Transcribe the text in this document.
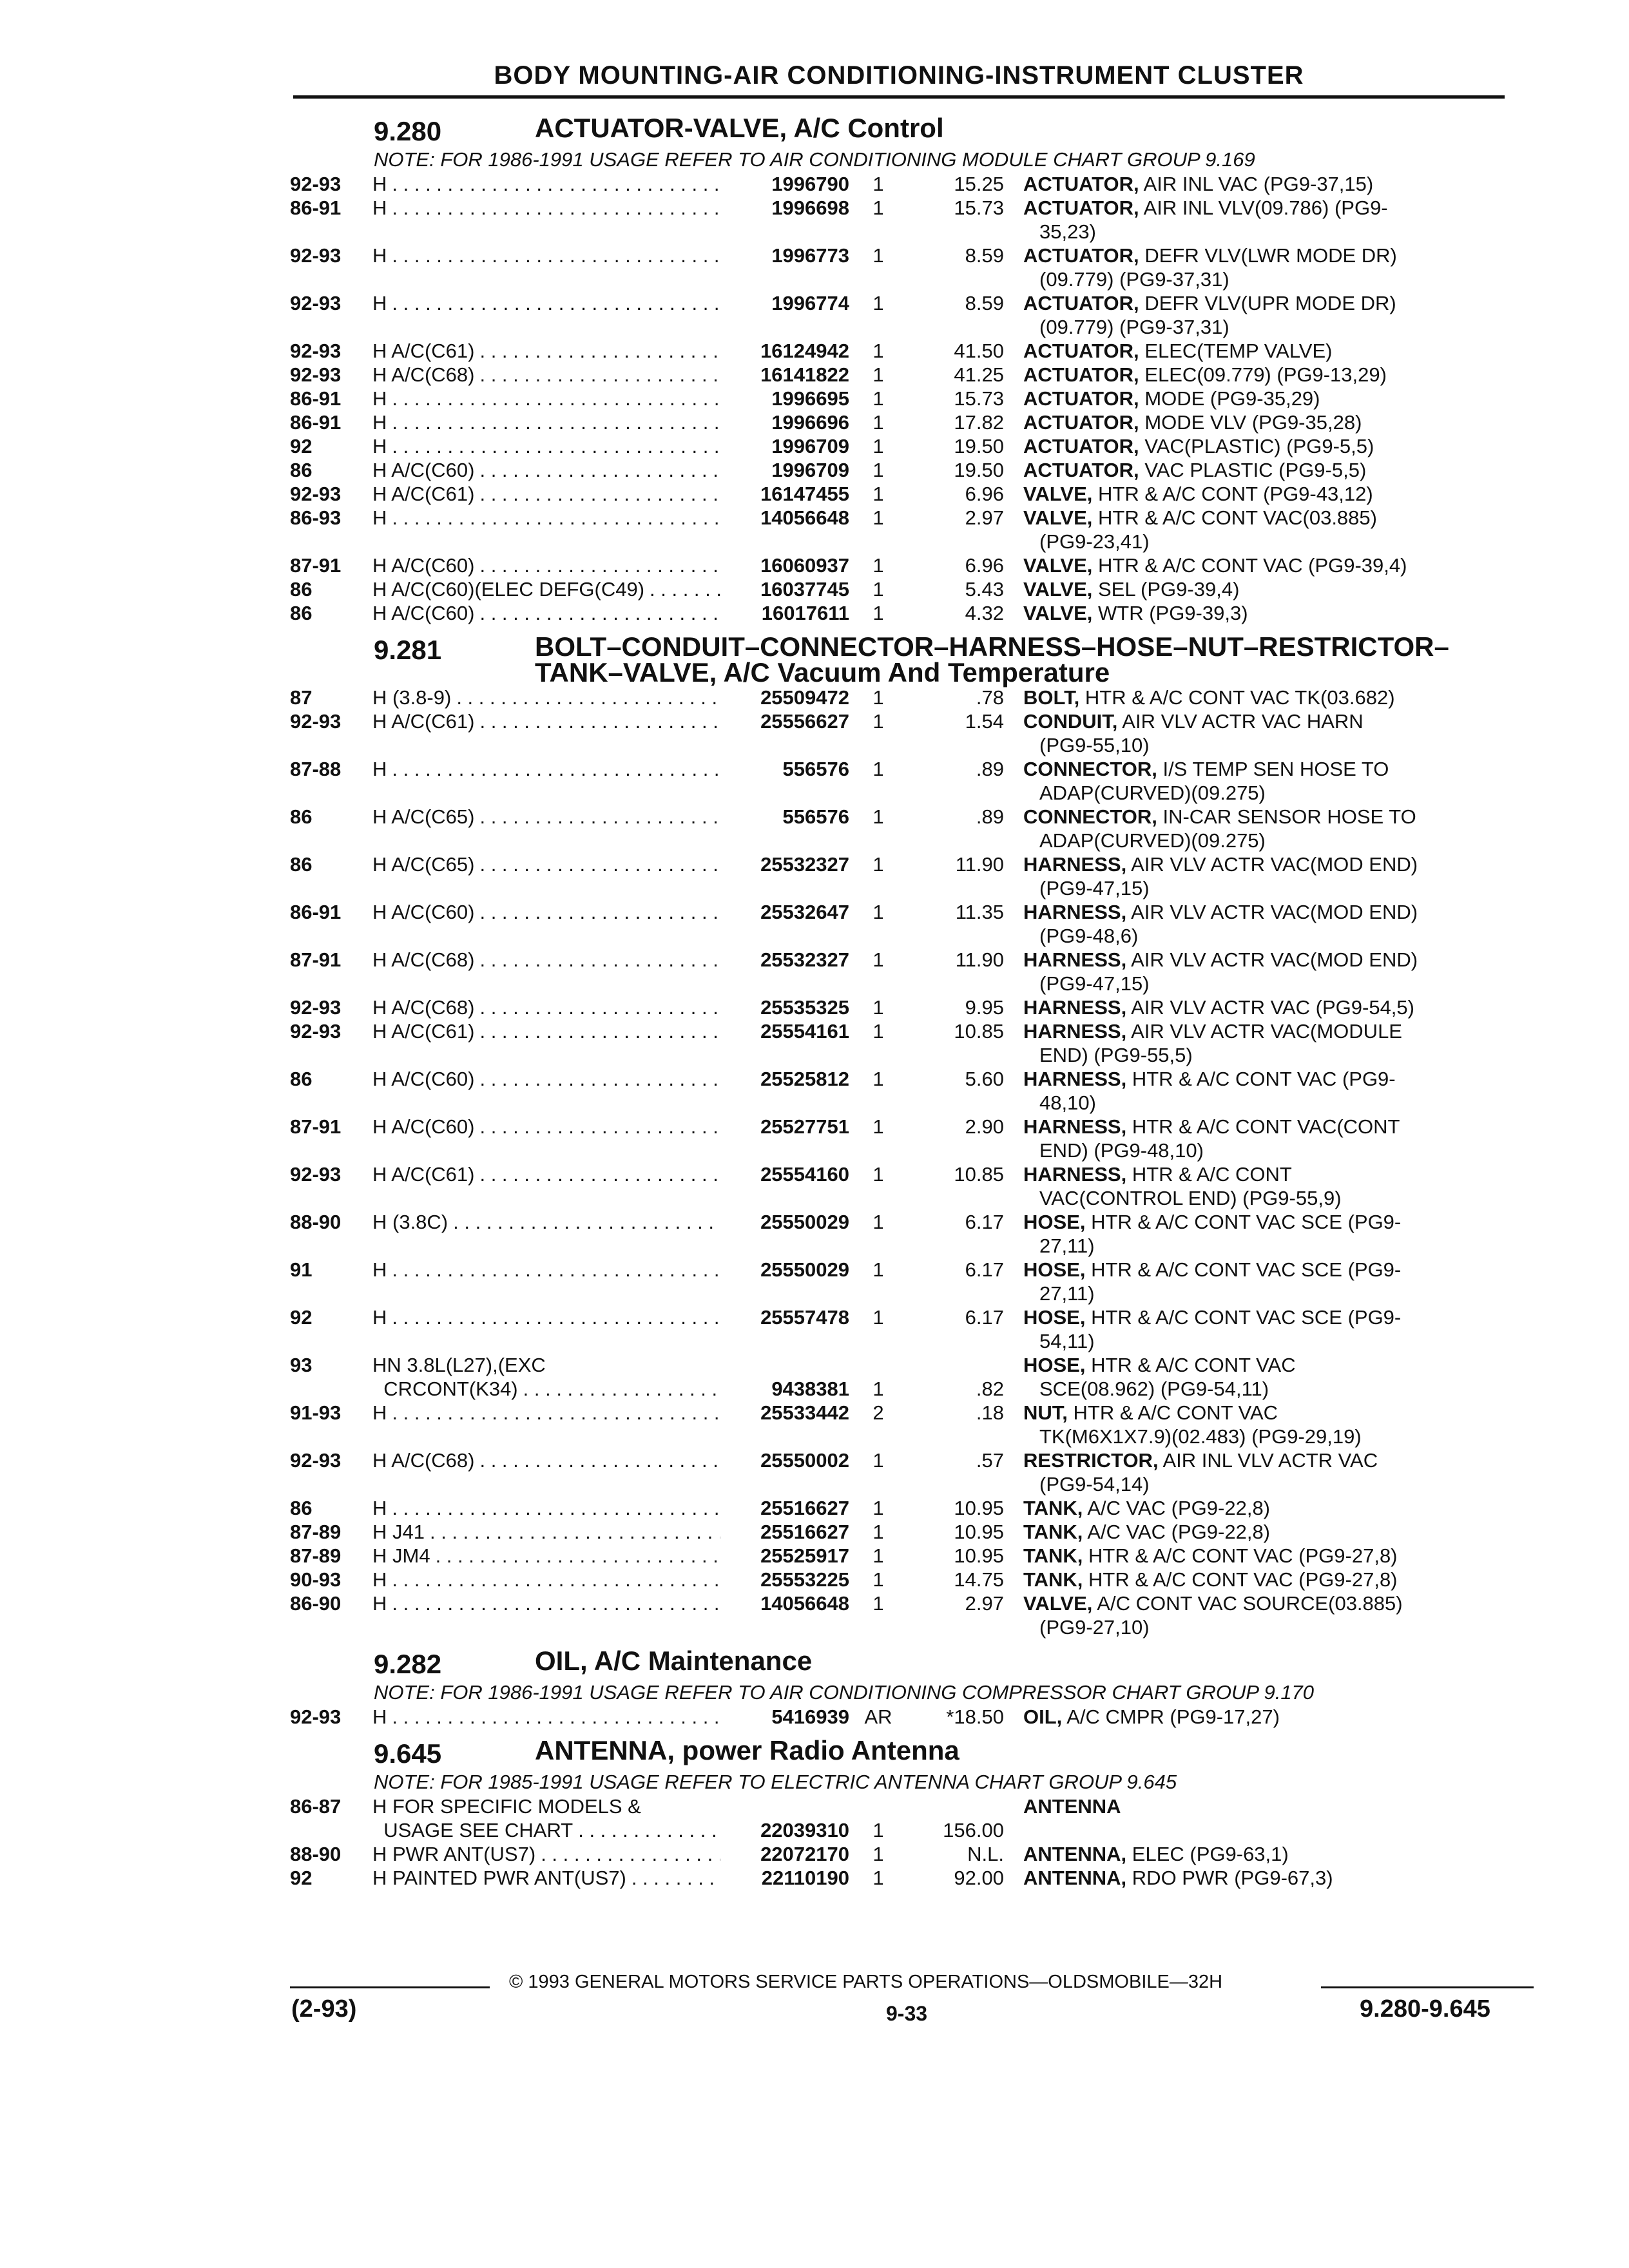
BODY MOUNTING-AIR CONDITIONING-INSTRUMENT CLUSTER
9.280	ACTUATOR-VALVE, A/C Control
NOTE: FOR 1986-1991 USAGE REFER TO AIR CONDITIONING MODULE CHART GROUP 9.169
92-93	H . . .	1996790	1	15.25 ACTUATOR, AIR INL VAC (PG9-37,15)
86-91	H . . .	1996698	1	15.73 ACTUATOR, AIR INL VLV(09.786) (PG9-
35,23)
92-93	H . . .	1996773	1	8.59 ACTUATOR, DEFR VLV(LWR MODE DR)
(09.779) (PG9-37,31)
92-93	H . . .	1996774	1	8.59 ACTUATOR, DEFR VLV(UPR MODE DR)
(09.779) (PG9-37,31)
92-93	H A/C(C61) . . .	16124942	1	41.50 ACTUATOR, ELEC(TEMP VALVE)
92-93	H A/C(C68) . . .	16141822	1	41.25 ACTUATOR, ELEC(09.779) (PG9-13,29)
86-91	H . . .	1996695	1	15.73 ACTUATOR, MODE (PG9-35,29)
86-91	H . . .	1996696	1	17.82 ACTUATOR, MODE VLV (PG9-35,28)
92	H . . .	1996709	1	19.50 ACTUATOR, VAC(PLASTIC) (PG9-5,5)
86	H A/C(C60) . . .	1996709	1	19.50 ACTUATOR, VAC PLASTIC (PG9-5,5)
92-93	H A/C(C61) . . .	16147455	1	6.96 VALVE, HTR & A/C CONT (PG9-43,12)
86-93	H . . .	14056648	1	2.97 VALVE, HTR & A/C CONT VAC(03.885)
(PG9-23,41)
87-91	H A/C(C60) . . .	16060937	1	6.96 VALVE, HTR & A/C CONT VAC (PG9-39,4)
86	H A/C(C60)(ELEC DEFG(C49) . . .	16037745	1	5.43 VALVE, SEL (PG9-39,4)
86	H A/C(C60) . . .	16017611	1	4.32 VALVE, WTR (PG9-39,3)
9.281	BOLT–CONDUIT–CONNECTOR–HARNESS–HOSE–NUT–RESTRICTOR–TANK–VALVE, A/C Vacuum And Temperature
87	H (3.8-9) . . .	25509472	1	.78 BOLT, HTR & A/C CONT VAC TK(03.682)
92-93	H A/C(C61) . . .	25556627	1	1.54 CONDUIT, AIR VLV ACTR VAC HARN
(PG9-55,10)
87-88	H . . .	556576	1	.89 CONNECTOR, I/S TEMP SEN HOSE TO
ADAP(CURVED)(09.275)
86	H A/C(C65) . . .	556576	1	.89 CONNECTOR, IN-CAR SENSOR HOSE TO
ADAP(CURVED)(09.275)
86	H A/C(C65) . . .	25532327	1	11.90 HARNESS, AIR VLV ACTR VAC(MOD END)
(PG9-47,15)
86-91	H A/C(C60) . . .	25532647	1	11.35 HARNESS, AIR VLV ACTR VAC(MOD END)
(PG9-48,6)
87-91	H A/C(C68) . . .	25532327	1	11.90 HARNESS, AIR VLV ACTR VAC(MOD END)
(PG9-47,15)
92-93	H A/C(C68) . . .	25535325	1	9.95 HARNESS, AIR VLV ACTR VAC (PG9-54,5)
92-93	H A/C(C61) . . .	25554161	1	10.85 HARNESS, AIR VLV ACTR VAC(MODULE
END) (PG9-55,5)
86	H A/C(C60) . . .	25525812	1	5.60 HARNESS, HTR & A/C CONT VAC (PG9-
48,10)
87-91	H A/C(C60) . . .	25527751	1	2.90 HARNESS, HTR & A/C CONT VAC(CONT
END) (PG9-48,10)
92-93	H A/C(C61) . . .	25554160	1	10.85 HARNESS, HTR & A/C CONT
VAC(CONTROL END) (PG9-55,9)
88-90	H (3.8C) . . .	25550029	1	6.17 HOSE, HTR & A/C CONT VAC SCE (PG9-
27,11)
91	H . . .	25550029	1	6.17 HOSE, HTR & A/C CONT VAC SCE (PG9-
27,11)
92	H . . .	25557478	1	6.17 HOSE, HTR & A/C CONT VAC SCE (PG9-
54,11)
93	HN 3.8L(L27),(EXC	HOSE, HTR & A/C CONT VAC
CRCONT(K34) . . .	9438381	1	.82	SCE(08.962) (PG9-54,11)
91-93	H . . .	25533442	2	.18 NUT, HTR & A/C CONT VAC
TK(M6X1X7.9)(02.483) (PG9-29,19)
92-93	H A/C(C68) . . .	25550002	1	.57 RESTRICTOR, AIR INL VLV ACTR VAC
(PG9-54,14)
86	H . . .	25516627	1	10.95 TANK, A/C VAC (PG9-22,8)
87-89	H J41 . . .	25516627	1	10.95 TANK, A/C VAC (PG9-22,8)
87-89	H JM4 . . .	25525917	1	10.95 TANK, HTR & A/C CONT VAC (PG9-27,8)
90-93	H . . .	25553225	1	14.75 TANK, HTR & A/C CONT VAC (PG9-27,8)
86-90	H . . .	14056648	1	2.97 VALVE, A/C CONT VAC SOURCE(03.885)
(PG9-27,10)
9.282	OIL, A/C Maintenance
NOTE: FOR 1986-1991 USAGE REFER TO AIR CONDITIONING COMPRESSOR CHART GROUP 9.170
92-93	H . . .	5416939 AR	*18.50 OIL, A/C CMPR (PG9-17,27)
9.645	ANTENNA, power Radio Antenna
NOTE: FOR 1985-1991 USAGE REFER TO ELECTRIC ANTENNA CHART GROUP 9.645
86-87	H FOR SPECIFIC MODELS &	ANTENNA
USAGE SEE CHART . . .	22039310	1	156.00
88-90	H PWR ANT(US7) . . .	22072170	1	N.L. ANTENNA, ELEC (PG9-63,1)
92	H PAINTED PWR ANT(US7) . . .	22110190	1	92.00 ANTENNA, RDO PWR (PG9-67,3)
© 1993 GENERAL MOTORS SERVICE PARTS OPERATIONS—OLDSMOBILE—32H
(2-93)	9-33	9.280-9.645
